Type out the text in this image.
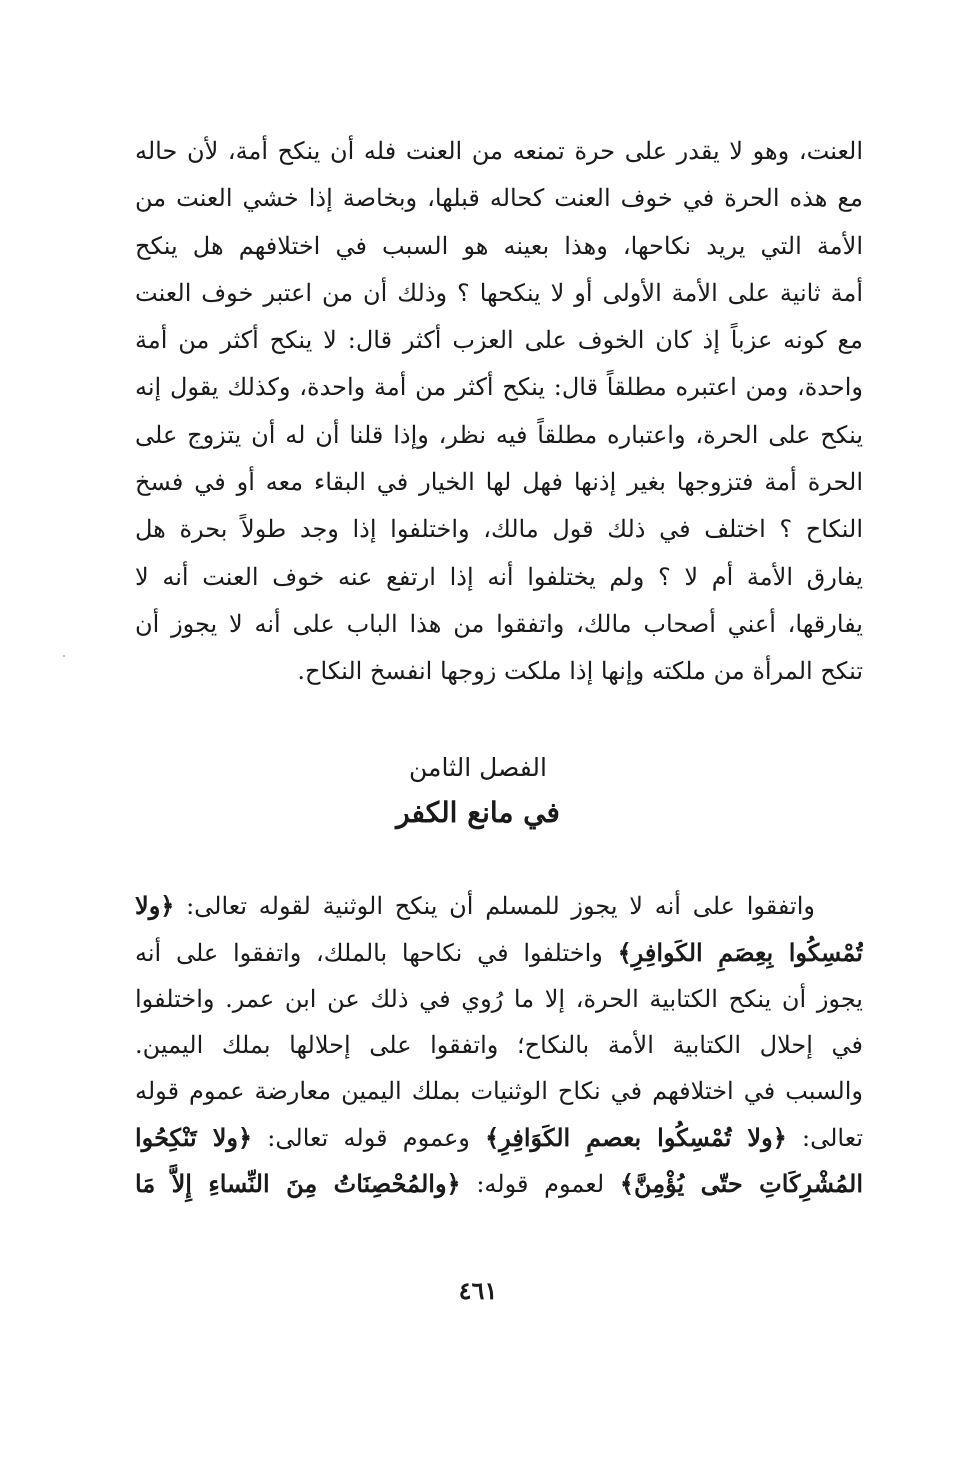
العنت، وهو لا يقدر على حرة تمنعه من العنت فله أن ينكح أمة، لأن حاله
مع هذه الحرة في خوف العنت كحاله قبلها، وبخاصة إذا خشي العنت من
الأمة التي يريد نكاحها، وهذا بعينه هو السبب في اختلافهم هل ينكح
أمة ثانية على الأمة الأولى أو لا ينكحها ؟ وذلك أن من اعتبر خوف العنت
مع كونه عزباً إذ كان الخوف على العزب أكثر قال: لا ينكح أكثر من أمة
واحدة، ومن اعتبره مطلقاً قال: ينكح أكثر من أمة واحدة، وكذلك يقول إنه
ينكح على الحرة، واعتباره مطلقاً فيه نظر، وإذا قلنا أن له أن يتزوج على
الحرة أمة فتزوجها بغير إذنها فهل لها الخيار في البقاء معه أو في فسخ
النكاح ؟ اختلف في ذلك قول مالك، واختلفوا إذا وجد طولاً بحرة هل
يفارق الأمة أم لا ؟ ولم يختلفوا أنه إذا ارتفع عنه خوف العنت أنه لا
يفارقها، أعني أصحاب مالك، واتفقوا من هذا الباب على أنه لا يجوز أن
تنكح المرأة من ملكته وإنها إذا ملكت زوجها انفسخ النكاح.
الفصل الثامن
في مانع الكفر
واتفقوا على أنه لا يجوز للمسلم أن ينكح الوثنية لقوله تعالى: ﴿ولا
تُمْسِكُوا بِعِصَمِ الكَوافِرِ﴾ واختلفوا في نكاحها بالملك، واتفقوا على أنه
يجوز أن ينكح الكتابية الحرة، إلا ما رُوي في ذلك عن ابن عمر. واختلفوا
في إحلال الكتابية الأمة بالنكاح؛ واتفقوا على إحلالها بملك اليمين.
والسبب في اختلافهم في نكاح الوثنيات بملك اليمين معارضة عموم قوله
تعالى: ﴿ولا تُمْسِكُوا بعصمِ الكَوَافِرِ﴾ وعموم قوله تعالى: ﴿ولا تَنْكِحُوا
المُشْرِكَاتِ حتّى يُؤْمِنَّ﴾ لعموم قوله: ﴿والمُحْصِنَاتُ مِنَ النِّساءِ إِلاَّ مَا
٤٦١
